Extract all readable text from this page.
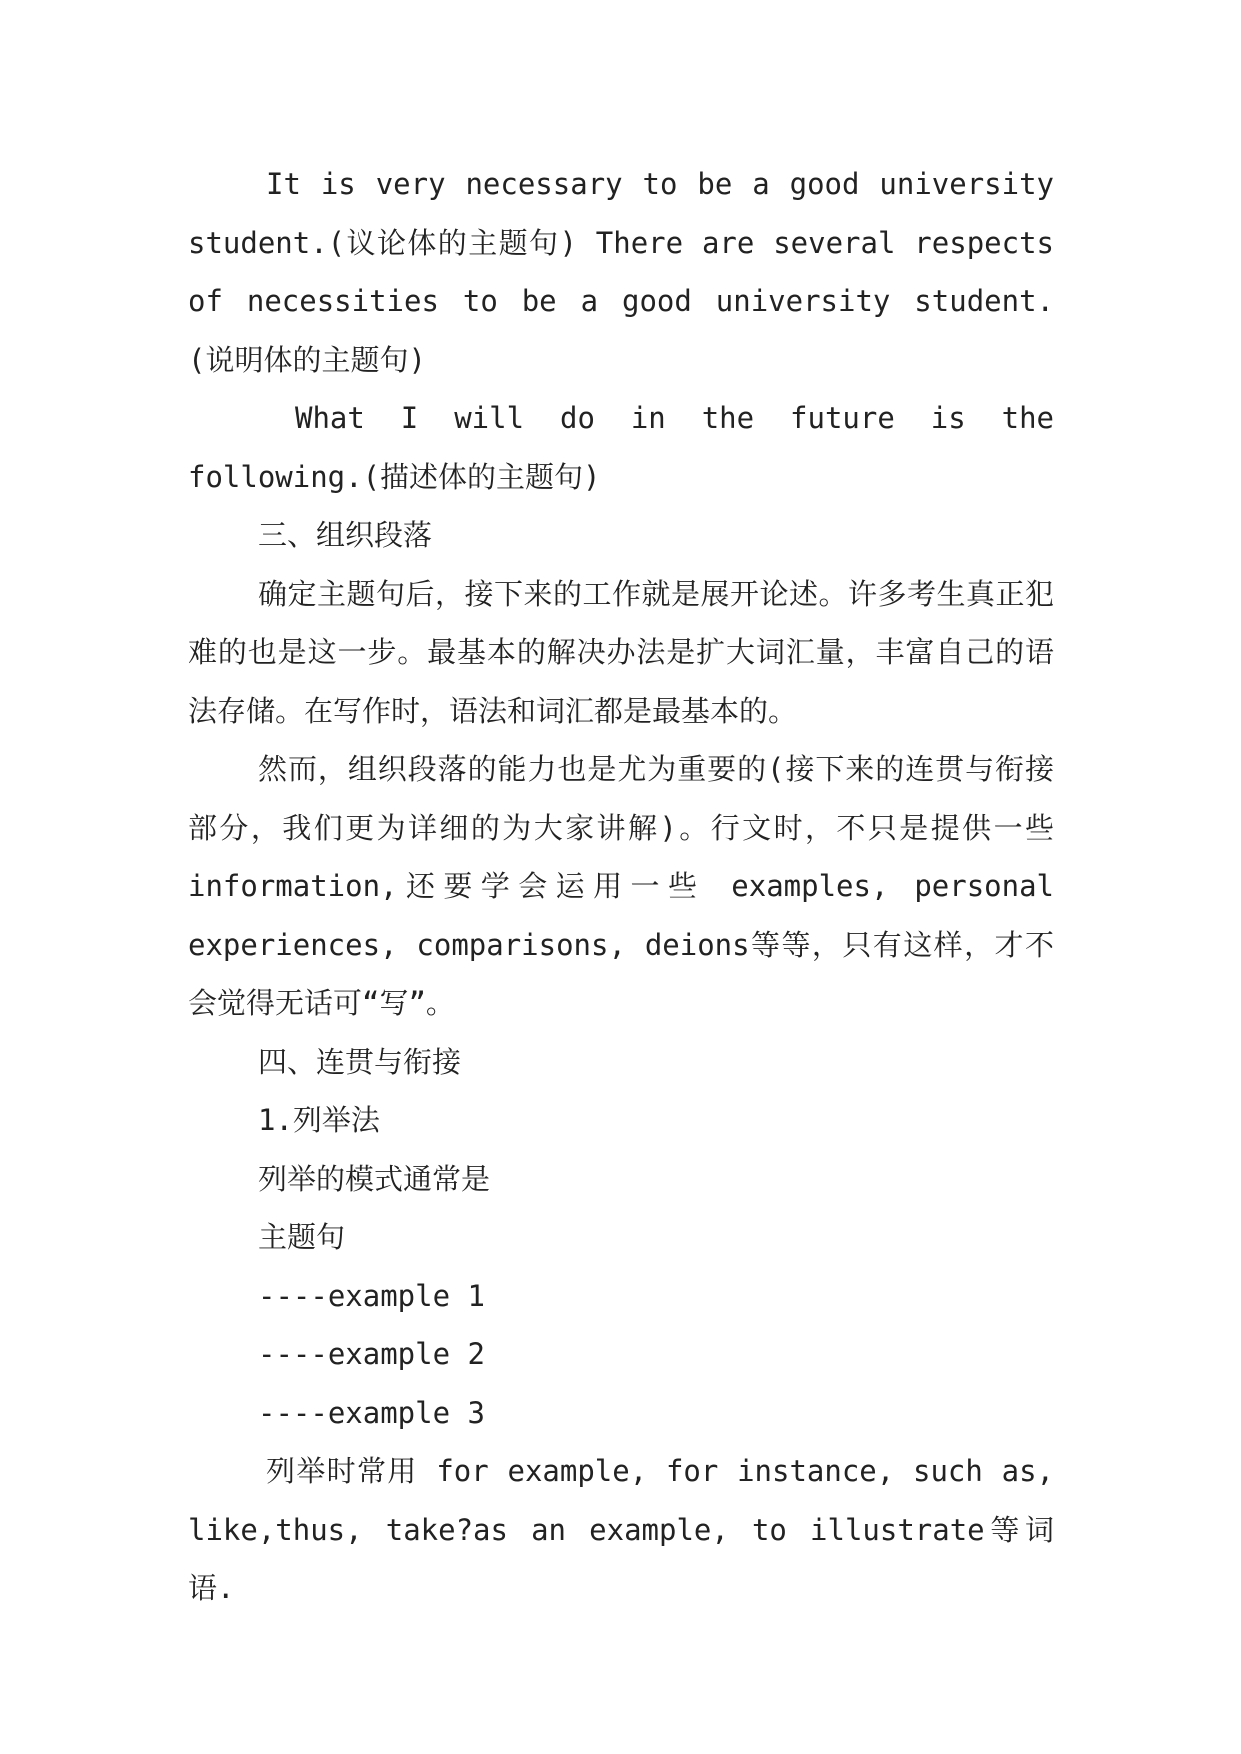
It is very necessary to be a good university student.(议论体的主题句) There are several respects of necessities to be a good university student.(说明体的主题句)

What I will do in the future is the following.(描述体的主题句)

三、组织段落

确定主题句后，接下来的工作就是展开论述。许多考生真正犯难的也是这一步。最基本的解决办法是扩大词汇量，丰富自己的语法存储。在写作时，语法和词汇都是最基本的。

然而，组织段落的能力也是尤为重要的(接下来的连贯与衔接部分，我们更为详细的为大家讲解)。行文时，不只是提供一些 information,还要学会运用一些 examples, personal experiences, comparisons, deions等等，只有这样，才不会觉得无话可“写”。

四、连贯与衔接

1.列举法

列举的模式通常是

主题句

----example 1

----example 2

----example 3

列举时常用 for example, for instance, such as, like,thus, take?as an example, to illustrate等词语.
